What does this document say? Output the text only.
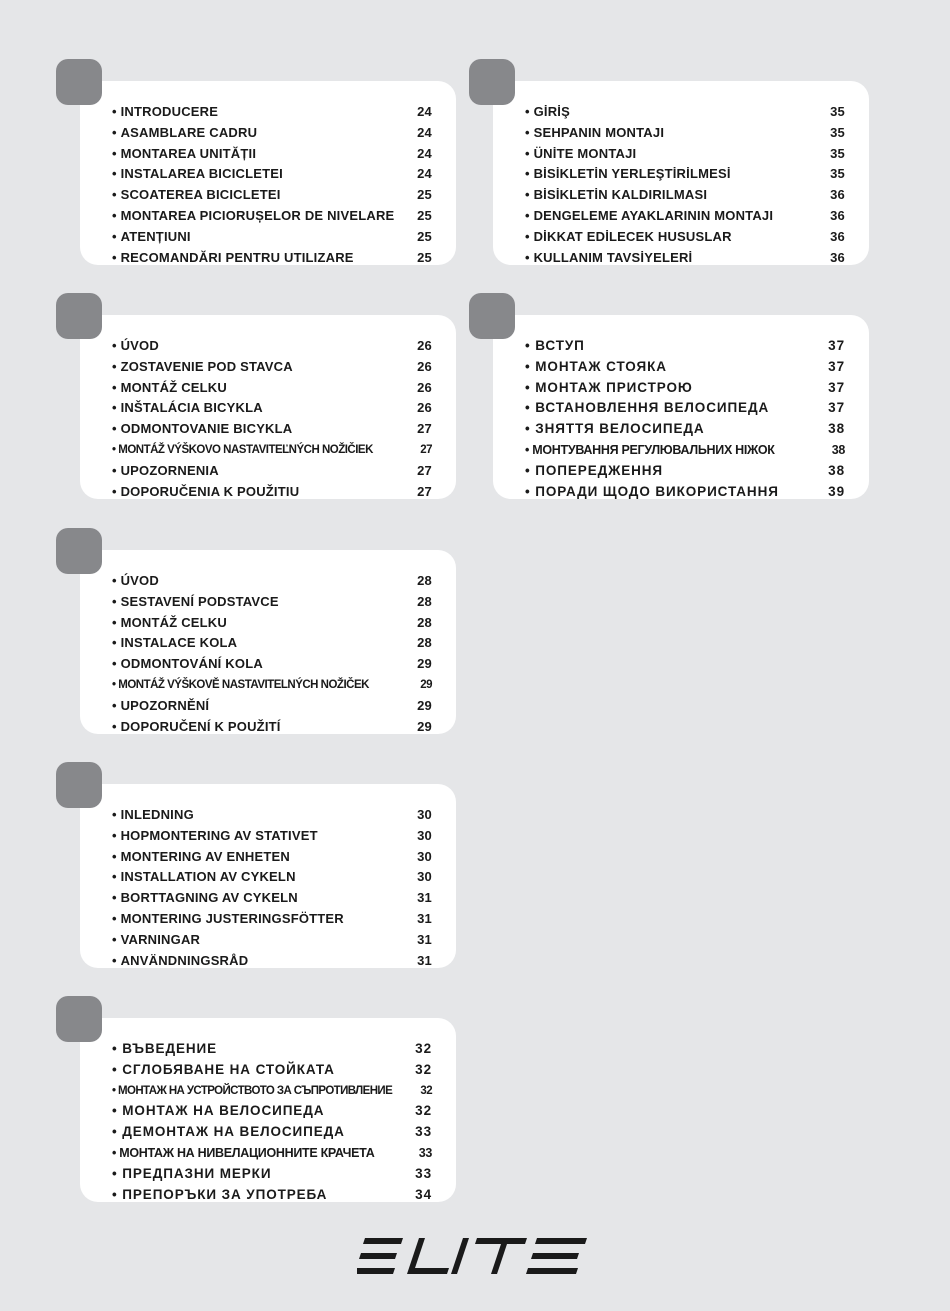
• INTRODUCERE	24
• ASAMBLARE CADRU	24
• MONTAREA UNITĂȚII	24
• INSTALAREA BICICLETEI	24
• SCOATEREA BICICLETEI	25
• MONTAREA PICIORUȘELOR DE NIVELARE 25
• ATENȚIUNI	25
• RECOMANDĂRI PENTRU UTILIZARE	25
• GİRİŞ	35
• SEHPANIN MONTAJI	35
• ÜNİTE MONTAJI	35
• BİSİKLETİN YERLEŞTİRİLMESİ	35
• BİSİKLETİN KALDIRILMASI	36
• DENGELEME AYAKLARININ MONTAJI	36
• DİKKAT EDİLECEK HUSUSLAR	36
• KULLANIM TAVSİYELERİ	36
• ÚVOD	26
• ZOSTAVENIE POD STAVCA	26
• MONTÁŽ CELKU	26
• INŠTALÁCIA BICYKLA	26
• ODMONTOVANIE BICYKLA	27
• MONTÁŽ VÝŠKOVO NASTAVITEĽNÝCH NOŽIČIEK	27
• UPOZORNENIA	27
• DOPORUČENIA K POUŽITIU	27
• ВСТУП	37
• МОНТАЖ СТОЯКА	37
• МОНТАЖ ПРИСТРОЮ	37
• ВСТАНОВЛЕННЯ ВЕЛОСИПЕДА	37
• ЗНЯТТЯ ВЕЛОСИПЕДА	38
• МОНТУВАННЯ РЕГУЛЮВАЛЬНИХ НІЖОК	38
• ПОПЕРЕДЖЕННЯ	38
• ПОРАДИ ЩОДО ВИКОРИСТАННЯ	39
• ÚVOD	28
• SESTAVENÍ PODSTAVCE	28
• MONTÁŽ CELKU	28
• INSTALACE KOLA	28
• ODMONTOVÁNÍ KOLA	29
• MONTÁŽ VÝŠKOVĚ NASTAVITELNÝCH NOŽIČEK	29
• UPOZORNĚNÍ	29
• DOPORUČENÍ K POUŽITÍ	29
• INLEDNING	30
• HOPMONTERING AV STATIVET	30
• MONTERING AV ENHETEN	30
• INSTALLATION AV CYKELN	30
• BORTTAGNING AV CYKELN	31
• MONTERING JUSTERINGSFÖTTER	31
• VARNINGAR	31
• ANVÄNDNINGSRÅD	31
• ВЪВЕДЕНИЕ	32
• СГЛОБЯВАНЕ НА СТОЙКАТА	32
• МОНТАЖ НА УСТРОЙСТВОТО ЗА СЪПРОТИВЛЕНИЕ 32
• МОНТАЖ НА ВЕЛОСИПЕДА	32
• ДЕМОНТАЖ НА ВЕЛОСИПЕДА	33
• МОНТАЖ НА НИВЕЛАЦИОННИТЕ КРАЧЕТА	33
• ПРЕДПАЗНИ МЕРКИ	33
• ПРЕПОРЪКИ ЗА УПОТРЕБА	34
